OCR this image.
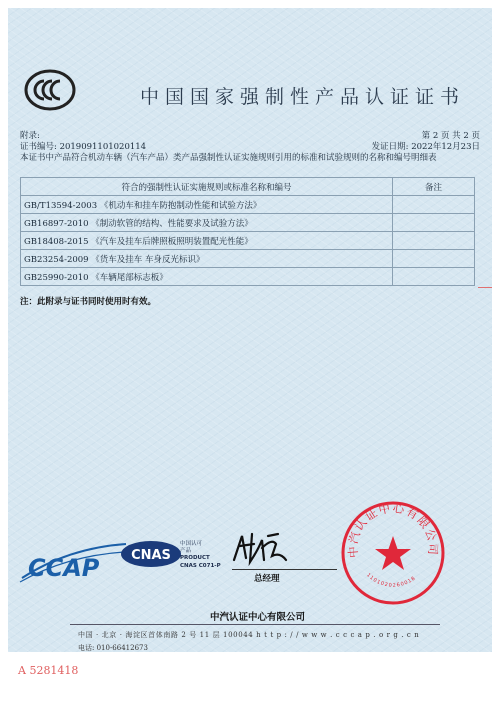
中国国家强制性产品认证证书
附录:	第 2 页 共 2 页
证书编号: 2019091101020114	发证日期: 2022年12月23日
本证书中产品符合机动车辆（汽车产品）类产品强制性认证实施规则引用的标准和试验规则的名称和编号明细表
符合的强制性认证实施规则或标准名称和编号	备注
GB/T13594-2003 《机动车和挂车防抱制动性能和试验方法》	
GB16897-2010 《制动软管的结构、性能要求及试验方法》	
GB18408-2015 《汽车及挂车后牌照板照明装置配光性能》	
GB23254-2009 《货车及挂车 车身反光标识》	
GB25990-2010 《车辆尾部标志板》	
注：此附录与证书同时使用时有效。
CCAP CNAS
中国认可
产品
PRODUCT
CNAS C071-P
总经理
中汽认证中心有限公司
1101020260018
中汽认证中心有限公司
中国 · 北京 · 海淀区首体南路 2 号 11 层 100044 h t t p : / / w w w . c c c a p . o r g . c n
电话: 010-66412673
A 5281418
